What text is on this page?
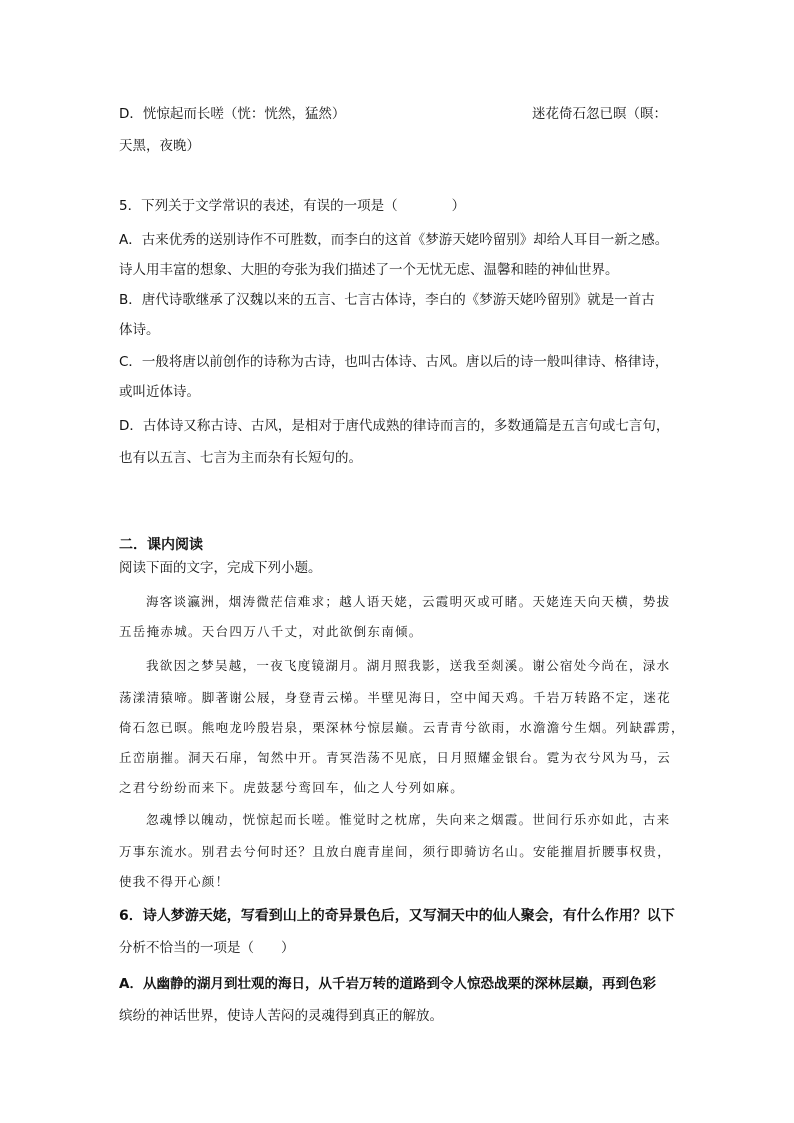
D．恍惊起而长嗟（恍：恍然，猛然）	迷花倚石忽已暝（暝：
天黑，夜晚）
5．下列关于文学常识的表述，有误的一项是（　　　　）
A．古来优秀的送别诗作不可胜数，而李白的这首《梦游天姥吟留别》却给人耳目一新之感。
诗人用丰富的想象、大胆的夸张为我们描述了一个无忧无虑、温馨和睦的神仙世界。
B．唐代诗歌继承了汉魏以来的五言、七言古体诗，李白的《梦游天姥吟留别》就是一首古
体诗。
C．一般将唐以前创作的诗称为古诗，也叫古体诗、古风。唐以后的诗一般叫律诗、格律诗，
或叫近体诗。
D．古体诗又称古诗、古风，是相对于唐代成熟的律诗而言的，多数通篇是五言句或七言句，
也有以五言、七言为主而杂有长短句的。
二．课内阅读
阅读下面的文字，完成下列小题。
海客谈瀛洲，烟涛微茫信难求；越人语天姥，云霞明灭或可睹。天姥连天向天横，势拔
五岳掩赤城。天台四万八千丈，对此欲倒东南倾。
我欲因之梦吴越，一夜飞度镜湖月。湖月照我影，送我至剡溪。谢公宿处今尚在，渌水
荡漾清猿啼。脚著谢公屐，身登青云梯。半壁见海日，空中闻天鸡。千岩万转路不定，迷花
倚石忽已暝。熊咆龙吟殷岩泉，栗深林兮惊层巅。云青青兮欲雨，水澹澹兮生烟。列缺霹雳，
丘峦崩摧。洞天石扉，訇然中开。青冥浩荡不见底，日月照耀金银台。霓为衣兮风为马，云
之君兮纷纷而来下。虎鼓瑟兮鸾回车，仙之人兮列如麻。
忽魂悸以魄动，恍惊起而长嗟。惟觉时之枕席，失向来之烟霞。世间行乐亦如此，古来
万事东流水。别君去兮何时还？且放白鹿青崖间，须行即骑访名山。安能摧眉折腰事权贵，
使我不得开心颜！
6．诗人梦游天姥，写看到山上的奇异景色后，又写洞天中的仙人聚会，有什么作用？以下
分析不恰当的一项是（　　）
A．从幽静的湖月到壮观的海日，从千岩万转的道路到令人惊恐战栗的深林层巅，再到色彩
缤纷的神话世界，使诗人苦闷的灵魂得到真正的解放。
